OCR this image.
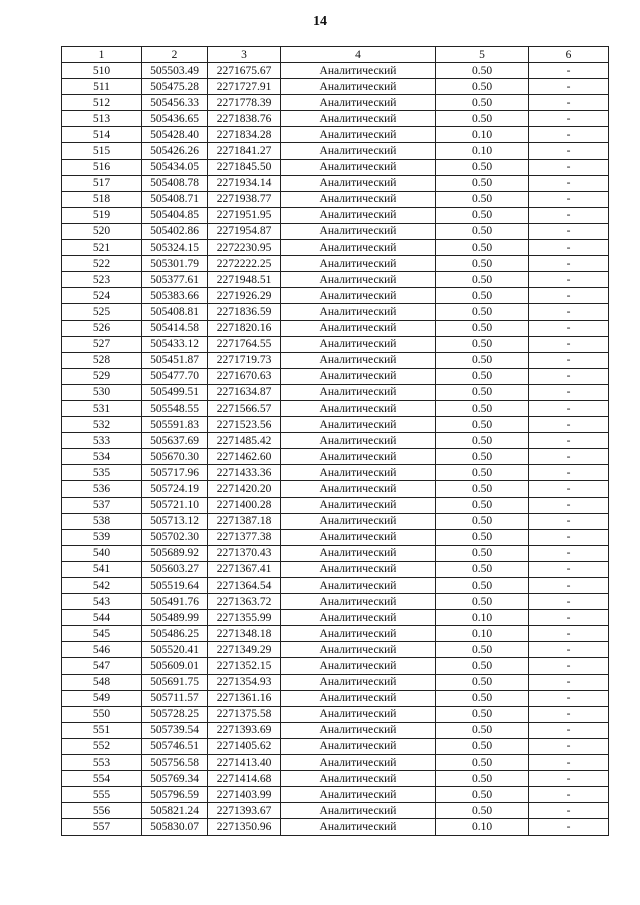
14
1	2	3	4	5	6
510	505503.49	2271675.67	Аналитический	0.50	-
511	505475.28	2271727.91	Аналитический	0.50	-
512	505456.33	2271778.39	Аналитический	0.50	-
513	505436.65	2271838.76	Аналитический	0.50	-
514	505428.40	2271834.28	Аналитический	0.10	-
515	505426.26	2271841.27	Аналитический	0.10	-
516	505434.05	2271845.50	Аналитический	0.50	-
517	505408.78	2271934.14	Аналитический	0.50	-
518	505408.71	2271938.77	Аналитический	0.50	-
519	505404.85	2271951.95	Аналитический	0.50	-
520	505402.86	2271954.87	Аналитический	0.50	-
521	505324.15	2272230.95	Аналитический	0.50	-
522	505301.79	2272222.25	Аналитический	0.50	-
523	505377.61	2271948.51	Аналитический	0.50	-
524	505383.66	2271926.29	Аналитический	0.50	-
525	505408.81	2271836.59	Аналитический	0.50	-
526	505414.58	2271820.16	Аналитический	0.50	-
527	505433.12	2271764.55	Аналитический	0.50	-
528	505451.87	2271719.73	Аналитический	0.50	-
529	505477.70	2271670.63	Аналитический	0.50	-
530	505499.51	2271634.87	Аналитический	0.50	-
531	505548.55	2271566.57	Аналитический	0.50	-
532	505591.83	2271523.56	Аналитический	0.50	-
533	505637.69	2271485.42	Аналитический	0.50	-
534	505670.30	2271462.60	Аналитический	0.50	-
535	505717.96	2271433.36	Аналитический	0.50	-
536	505724.19	2271420.20	Аналитический	0.50	-
537	505721.10	2271400.28	Аналитический	0.50	-
538	505713.12	2271387.18	Аналитический	0.50	-
539	505702.30	2271377.38	Аналитический	0.50	-
540	505689.92	2271370.43	Аналитический	0.50	-
541	505603.27	2271367.41	Аналитический	0.50	-
542	505519.64	2271364.54	Аналитический	0.50	-
543	505491.76	2271363.72	Аналитический	0.50	-
544	505489.99	2271355.99	Аналитический	0.10	-
545	505486.25	2271348.18	Аналитический	0.10	-
546	505520.41	2271349.29	Аналитический	0.50	-
547	505609.01	2271352.15	Аналитический	0.50	-
548	505691.75	2271354.93	Аналитический	0.50	-
549	505711.57	2271361.16	Аналитический	0.50	-
550	505728.25	2271375.58	Аналитический	0.50	-
551	505739.54	2271393.69	Аналитический	0.50	-
552	505746.51	2271405.62	Аналитический	0.50	-
553	505756.58	2271413.40	Аналитический	0.50	-
554	505769.34	2271414.68	Аналитический	0.50	-
555	505796.59	2271403.99	Аналитический	0.50	-
556	505821.24	2271393.67	Аналитический	0.50	-
557	505830.07	2271350.96	Аналитический	0.10	-
